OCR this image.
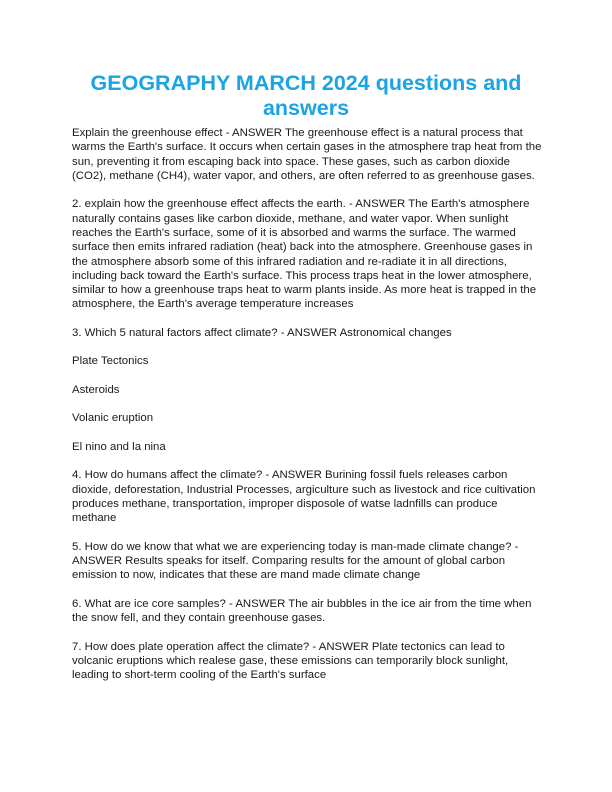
GEOGRAPHY MARCH 2024 questions and answers

Explain the greenhouse effect - ANSWER The greenhouse effect is a natural process that warms the Earth's surface. It occurs when certain gases in the atmosphere trap heat from the sun, preventing it from escaping back into space. These gases, such as carbon dioxide (CO2), methane (CH4), water vapor, and others, are often referred to as greenhouse gases.

2. explain how the greenhouse effect affects the earth. - ANSWER The Earth's atmosphere naturally contains gases like carbon dioxide, methane, and water vapor. When sunlight reaches the Earth's surface, some of it is absorbed and warms the surface. The warmed surface then emits infrared radiation (heat) back into the atmosphere. Greenhouse gases in the atmosphere absorb some of this infrared radiation and re-radiate it in all directions, including back toward the Earth's surface. This process traps heat in the lower atmosphere, similar to how a greenhouse traps heat to warm plants inside. As more heat is trapped in the atmosphere, the Earth's average temperature increases

3. Which 5 natural factors affect climate? - ANSWER Astronomical changes

Plate Tectonics

Asteroids

Volanic eruption

El nino and la nina

4. How do humans affect the climate? - ANSWER Burining fossil fuels releases carbon dioxide, deforestation, Industrial Processes, argiculture such as livestock and rice cultivation produces methane, transportation, improper disposole of watse ladnfills can produce methane

5. How do we know that what we are experiencing today is man-made climate change? - ANSWER Results speaks for itself. Comparing results for the amount of global carbon emission to now, indicates that these are mand made climate change

6. What are ice core samples? - ANSWER The air bubbles in the ice air from the time when the snow fell, and they contain greenhouse gases.

7. How does plate operation affect the climate? - ANSWER Plate tectonics can lead to volcanic eruptions which realese gase, these emissions can temporarily block sunlight, leading to short-term cooling of the Earth's surface
